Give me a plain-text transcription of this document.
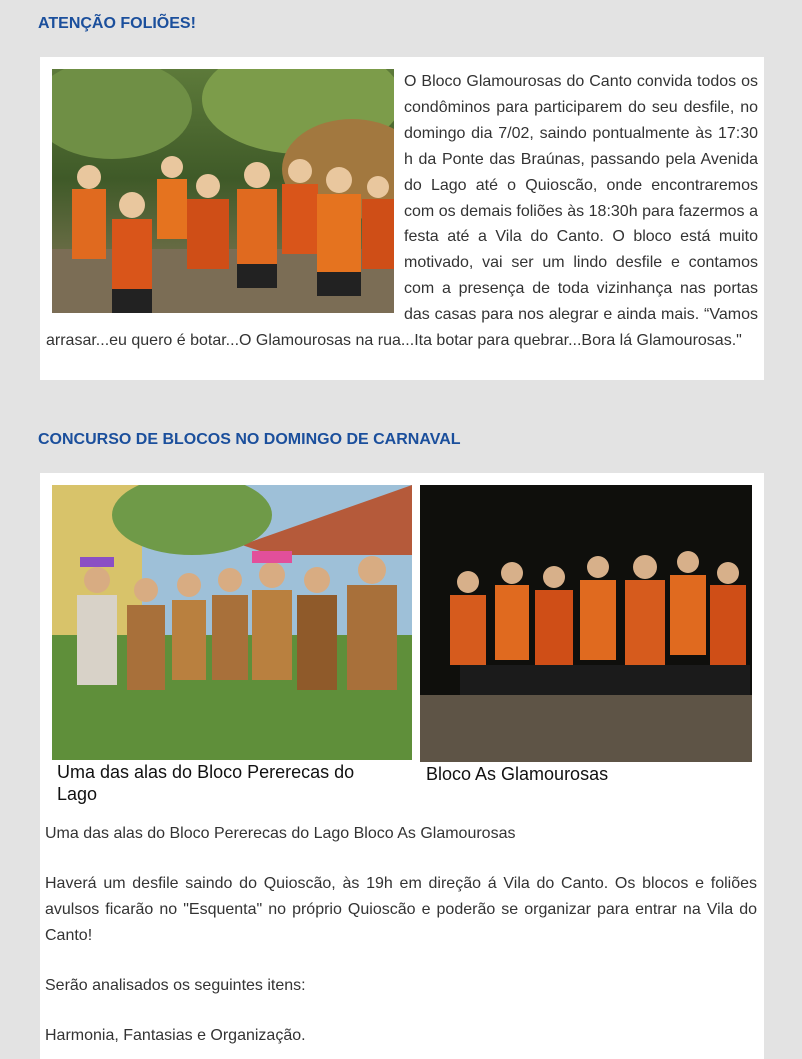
ATENÇÃO FOLIÕES!

O Bloco Glamourosas do Canto convida todos os condôminos para participarem do seu desfile, no domingo dia 7/02, saindo pontualmente às 17:30 h da Ponte das Braúnas, passando pela Avenida do Lago até o Quioscão, onde encontraremos com os demais foliões às 18:30h para fazermos a festa até a Vila do Canto. O bloco está muito motivado, vai ser um lindo desfile e contamos com a presença de toda vizinhança nas portas das casas para nos alegrar e ainda mais. “Vamos arrasar...eu quero é botar...O Glamourosas na rua...Ita botar para quebrar...Bora lá Glamourosas."

CONCURSO DE BLOCOS NO DOMINGO DE CARNAVAL

Uma das alas do Bloco Pererecas do Lago

Bloco As Glamourosas

Uma das alas do Bloco Pererecas do Lago Bloco As Glamourosas

Haverá um desfile saindo do Quioscão, às 19h em direção á Vila do Canto. Os blocos e foliões avulsos ficarão no "Esquenta" no próprio Quioscão e poderão se organizar para entrar na Vila do Canto!

Serão analisados os seguintes itens:

Harmonia, Fantasias e Organização.
